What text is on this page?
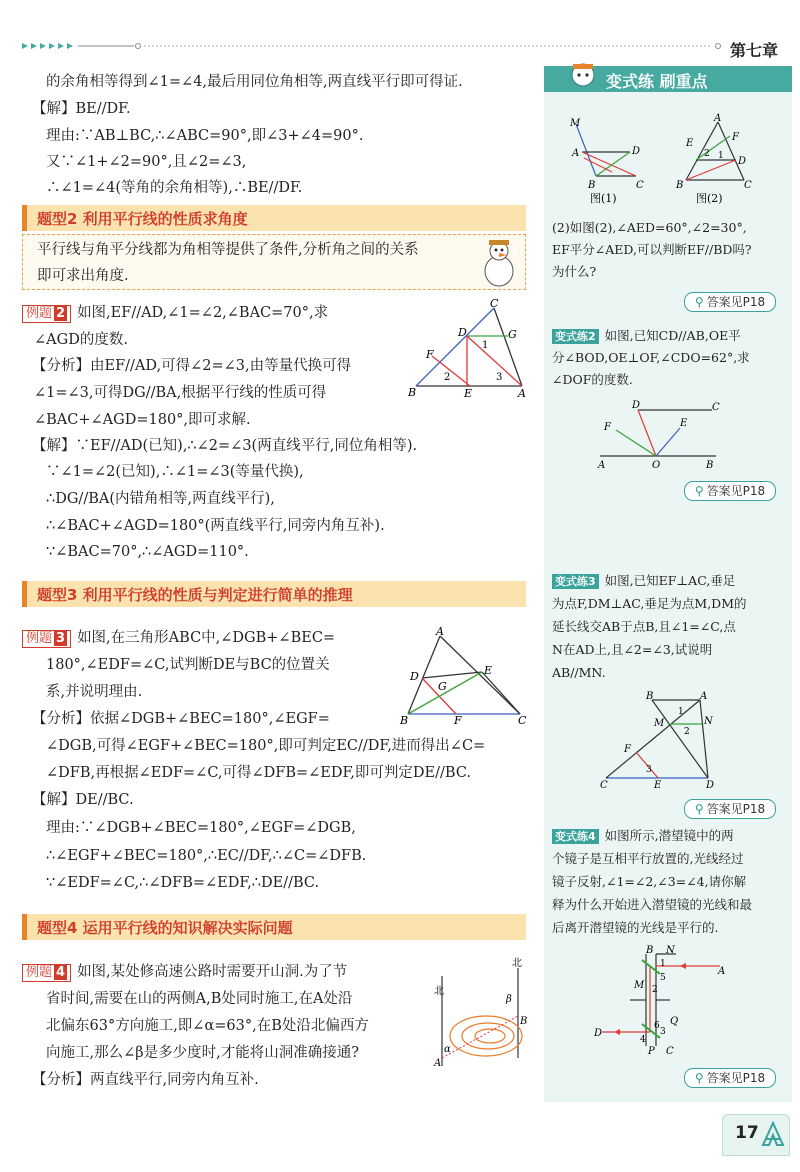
第七章
的余角相等得到∠1=∠4,最后用同位角相等,两直线平行即可得证.
【解】BE//DF.
理由:∵AB⊥BC,∴∠ABC=90°,即∠3+∠4=90°.
又∵∠1+∠2=90°,且∠2=∠3,
∴∠1=∠4(等角的余角相等),∴BE//DF.
题型2 利用平行线的性质求角度
平行线与角平分线都为角相等提供了条件,分析角之间的关系
即可求出角度.
例题 2 如图,EF//AD,∠1=∠2,∠BAC=70°,求
∠AGD的度数.
【分析】由EF//AD,可得∠2=∠3,由等量代换可得
∠1=∠3,可得DG//BA,根据平行线的性质可得
∠BAC+∠AGD=180°,即可求解.
【解】∵EF//AD(已知),∴∠2=∠3(两直线平行,同位角相等).
∵∠1=∠2(已知),∴∠1=∠3(等量代换),
∴DG//BA(内错角相等,两直线平行),
∴∠BAC+∠AGD=180°(两直线平行,同旁内角互补).
∵∠BAC=70°,∴∠AGD=110°.
C
D	G
F
1
2	3
B	E	A
题型3 利用平行线的性质与判定进行简单的推理
例题 3 如图,在三角形ABC中,∠DGB+∠BEC=
180°,∠EDF=∠C,试判断DE与BC的位置关
系,并说明理由.
【分析】依据∠DGB+∠BEC=180°,∠EGF=
∠DGB,可得∠EGF+∠BEC=180°,即可判定EC//DF,进而得出∠C=
∠DFB,再根据∠EDF=∠C,可得∠DFB=∠EDF,即可判定DE//BC.
【解】DE//BC.
理由:∵∠DGB+∠BEC=180°,∠EGF=∠DGB,
∴∠EGF+∠BEC=180°,∴EC//DF,∴∠C=∠DFB.
∵∠EDF=∠C,∴∠DFB=∠EDF,∴DE//BC.
A
D	E
G
B	F	C
题型4 运用平行线的知识解决实际问题
例题 4 如图,某处修高速公路时需要开山洞.为了节
省时间,需要在山的两侧A,B处同时施工,在A处沿
北偏东63°方向施工,即∠α=63°,在B处沿北偏西方
向施工,那么∠β是多少度时,才能将山洞准确接通?
【分析】两直线平行,同旁内角互补.
北
北
β
B
α
A
变式练 刷重点
M
A
B	C
D
图(1)
A
F
E
D
2 1
B	C
图(2)
(2)如图(2),∠AED=60°,∠2=30°,
EF平分∠AED,可以判断EF//BD吗?
为什么?
⚲ 答案见P18
变式练2 如图,已知CD//AB,OE平
分∠BOD,OE⊥OF,∠CDO=62°,求
∠DOF的度数.
D	C
F	E
A	O	B
⚲ 答案见P18
变式练3 如图,已知EF⊥AC,垂足
为点F,DM⊥AC,垂足为点M,DM的
延长线交AB于点B,且∠1=∠C,点
N在AD上,且∠2=∠3,试说明
AB//MN.
B	A
M
1
N
2
F
3
C	E	D
⚲ 答案见P18
变式练4 如图所示,潜望镜中的两
个镜子是互相平行放置的,光线经过
镜子反射,∠1=∠2,∠3=∠4,请你解
释为什么开始进入潜望镜的光线和最
后离开潜望镜的光线是平行的.
B N
1
5
A
M 2
6
3
Q
D
4
P C
⚲ 答案见P18
17
